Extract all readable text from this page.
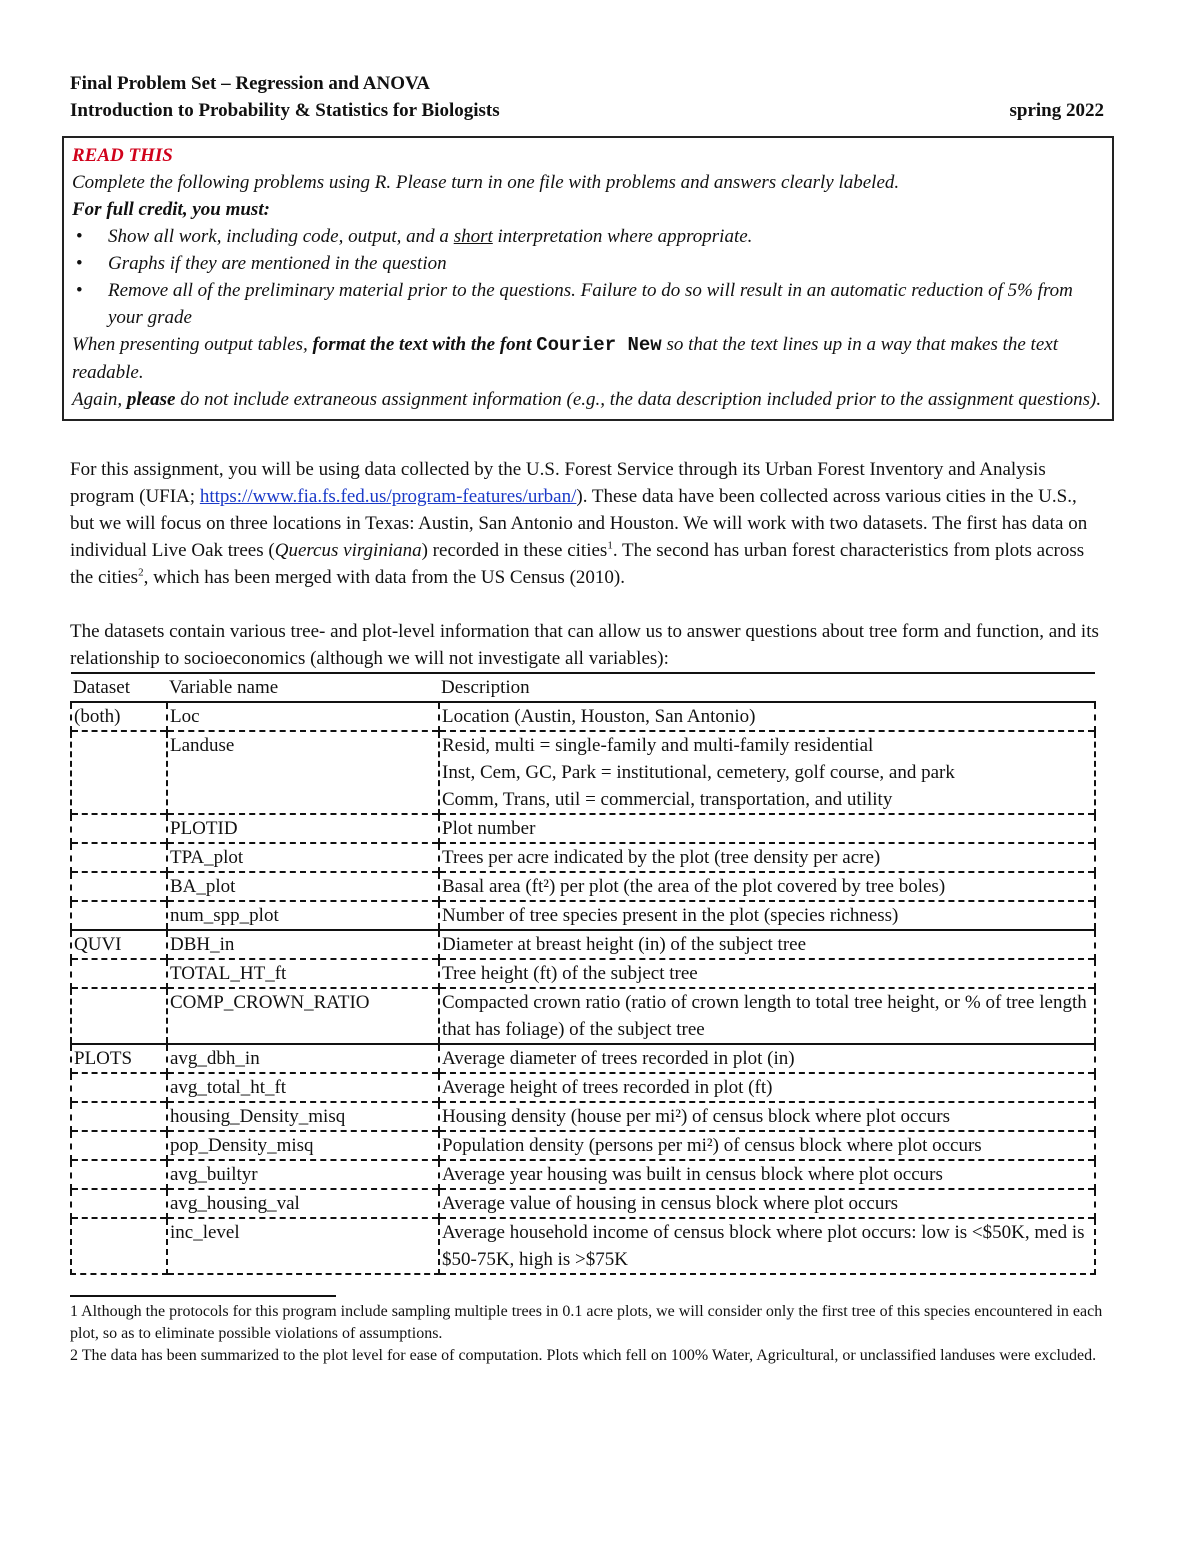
Final Problem Set – Regression and ANOVA
Introduction to Probability & Statistics for Biologists	spring 2022
READ THIS
Complete the following problems using R. Please turn in one file with problems and answers clearly labeled.
For full credit, you must:
• Show all work, including code, output, and a short interpretation where appropriate.
• Graphs if they are mentioned in the question
• Remove all of the preliminary material prior to the questions. Failure to do so will result in an automatic reduction of 5% from your grade
When presenting output tables, format the text with the font Courier New so that the text lines up in a way that makes the text readable.
Again, please do not include extraneous assignment information (e.g., the data description included prior to the assignment questions).

For this assignment, you will be using data collected by the U.S. Forest Service through its Urban Forest Inventory and Analysis program (UFIA; https://www.fia.fs.fed.us/program-features/urban/). These data have been collected across various cities in the U.S., but we will focus on three locations in Texas: Austin, San Antonio and Houston. We will work with two datasets. The first has data on individual Live Oak trees (Quercus virginiana) recorded in these cities$^1$. The second has urban forest characteristics from plots across the cities$^2$, which has been merged with data from the US Census (2010).

The datasets contain various tree- and plot-level information that can allow us to answer questions about tree form and function, and its relationship to socioeconomics (although we will not investigate all variables):

Dataset	Variable name	Description
(both)	Loc	Location (Austin, Houston, San Antonio)

	Landuse	Resid, multi = single-family and multi-family residential
Inst, Cem, GC, Park = institutional, cemetery, golf course, and park
Comm, Trans, util = commercial, transportation, and utility

	PLOTID	Plot number

	TPA_plot	Trees per acre indicated by the plot (tree density per acre)

	BA_plot	Basal area (ft²) per plot (the area of the plot covered by tree boles)

	num_spp_plot	Number of tree species present in the plot (species richness)

QUVI	DBH_in	Diameter at breast height (in) of the subject tree

	TOTAL_HT_ft	Tree height (ft) of the subject tree

	COMP_CROWN_RATIO	Compacted crown ratio (ratio of crown length to total tree height, or % of tree length that has foliage) of the subject tree

PLOTS	avg_dbh_in	Average diameter of trees recorded in plot (in)

	avg_total_ht_ft	Average height of trees recorded in plot (ft)

	housing_Density_misq	Housing density (house per mi²) of census block where plot occurs

	pop_Density_misq	Population density (persons per mi²) of census block where plot occurs

	avg_builtyr	Average year housing was built in census block where plot occurs

	avg_housing_val	Average value of housing in census block where plot occurs

	inc_level	Average household income of census block where plot occurs: low is <$50K, med is $50-75K, high is >$75K

1 Although the protocols for this program include sampling multiple trees in 0.1 acre plots, we will consider only the first tree of this species encountered in each plot, so as to eliminate possible violations of assumptions.

2 The data has been summarized to the plot level for ease of computation. Plots which fell on 100% Water, Agricultural, or unclassified landuses were excluded.
